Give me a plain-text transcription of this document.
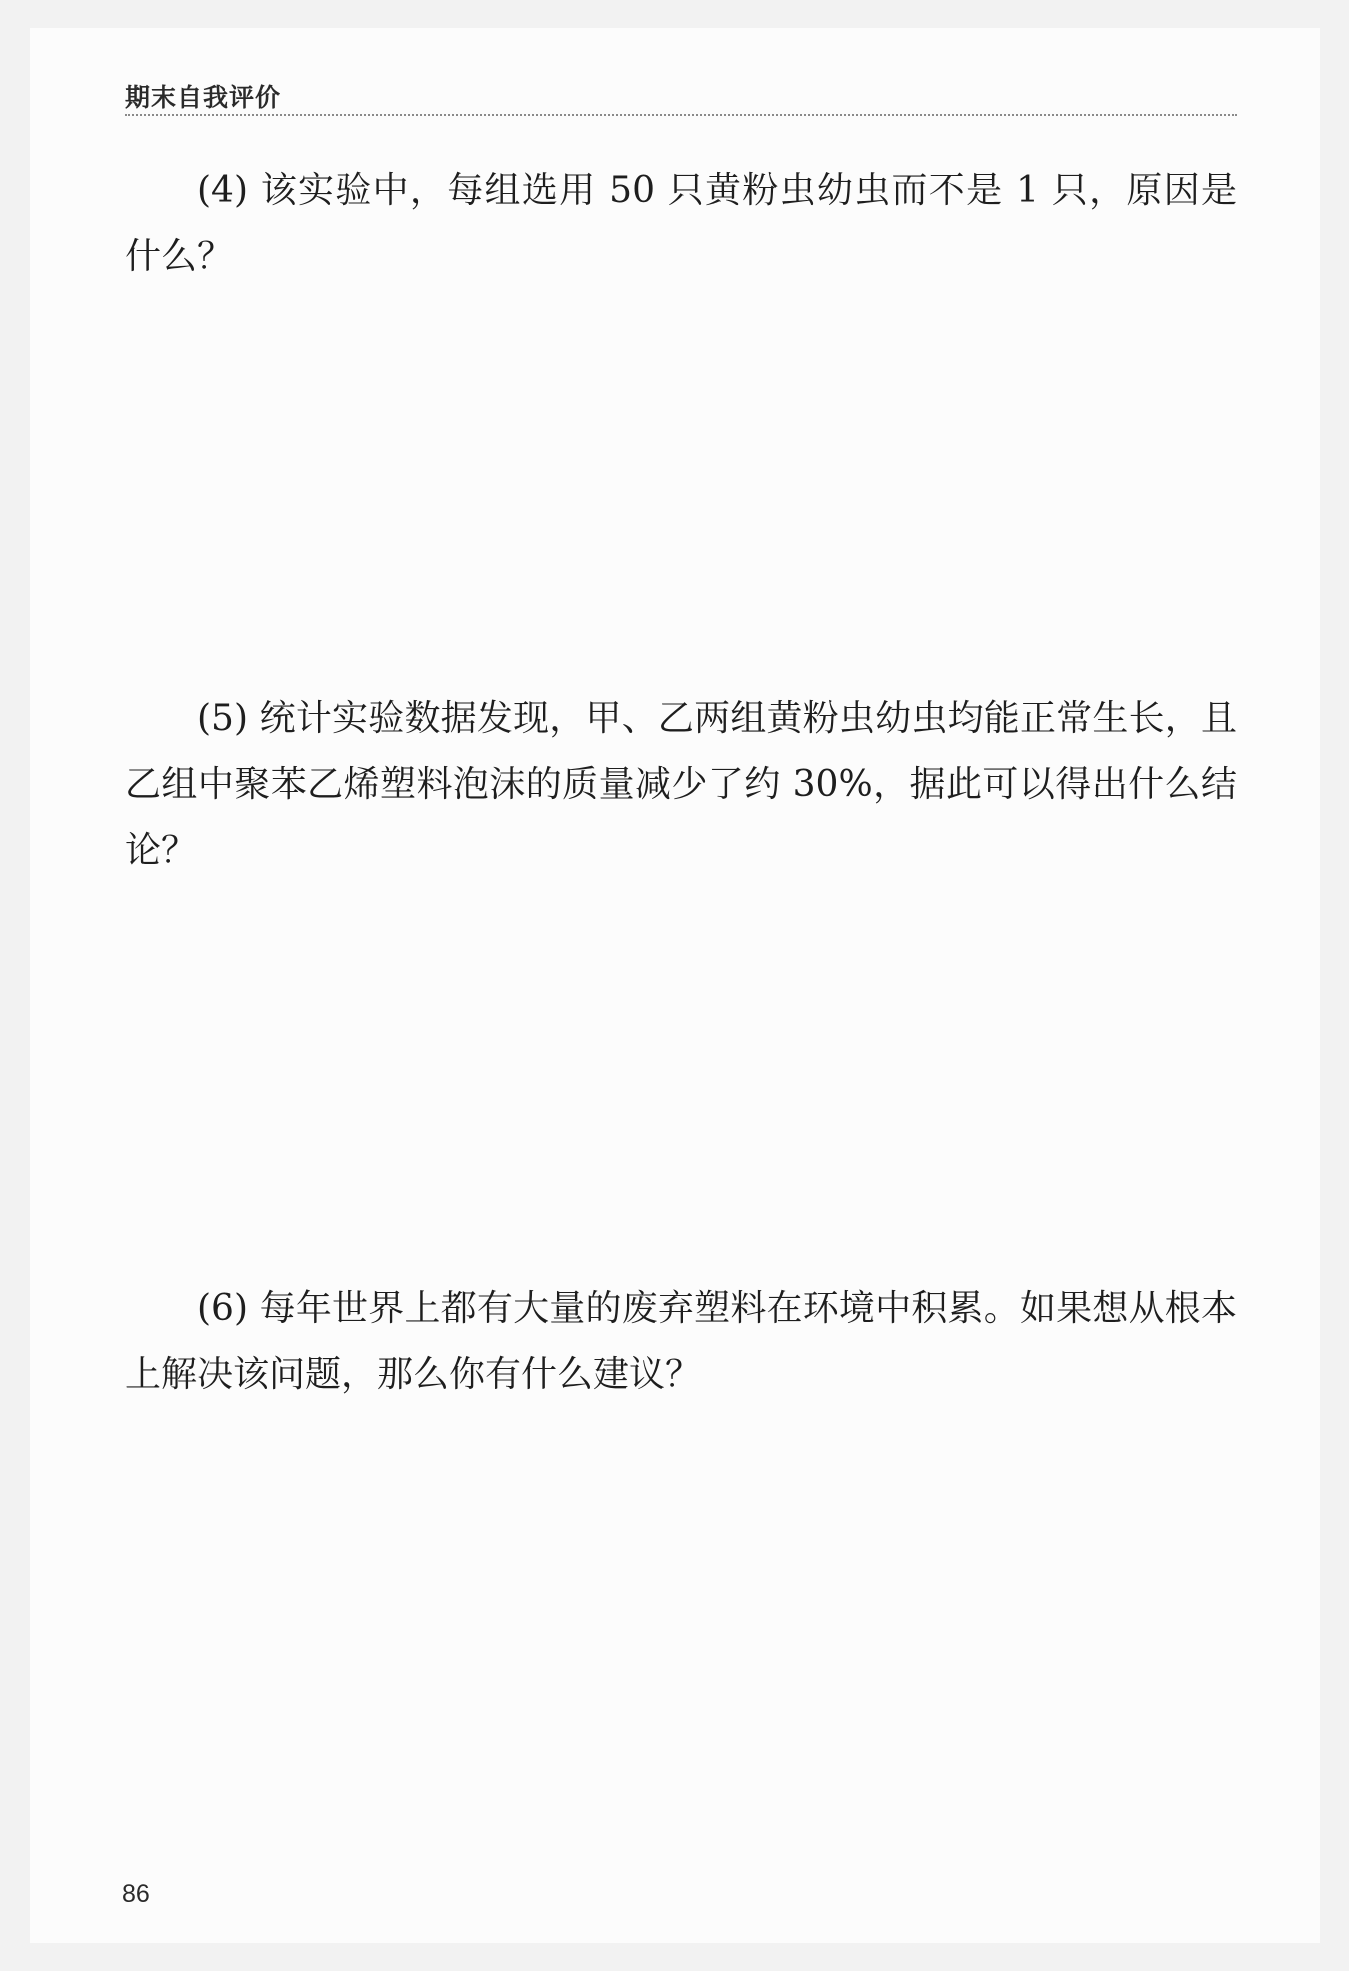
期末自我评价

(4) 该实验中，每组选用 50 只黄粉虫幼虫而不是 1 只，原因是什么？

(5) 统计实验数据发现，甲、乙两组黄粉虫幼虫均能正常生长，且乙组中聚苯乙烯塑料泡沫的质量减少了约 30%，据此可以得出什么结论？

(6) 每年世界上都有大量的废弃塑料在环境中积累。如果想从根本上解决该问题，那么你有什么建议？

86
